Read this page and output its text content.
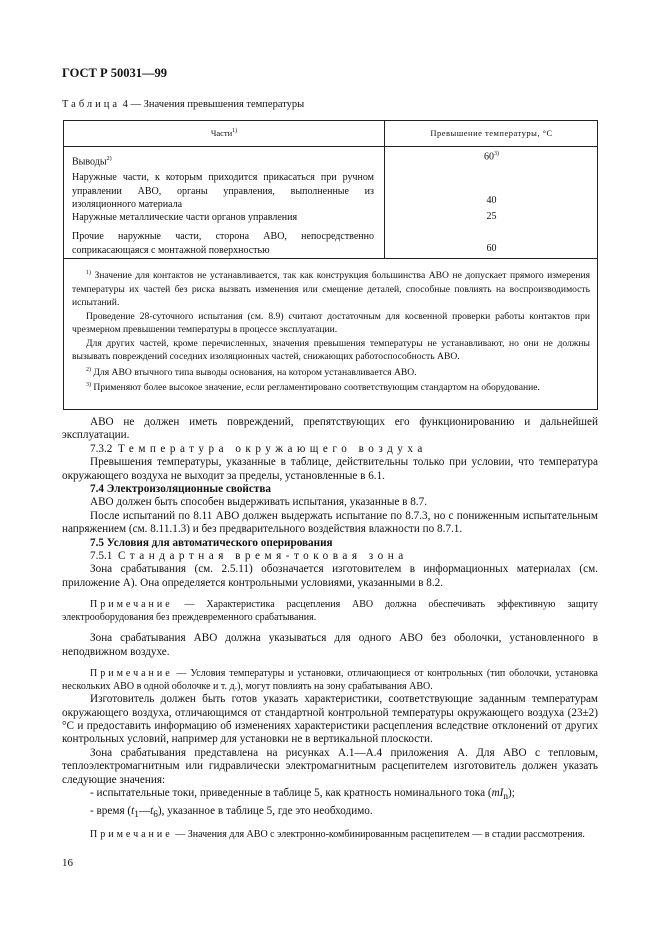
ГОСТ Р 50031—99
Таблица 4 — Значения превышения температуры
Части$^{1)}$	Превышение температуры, °С
Выводы$^{2)}$	60$^{3)}$
Наружные части, к которым приходится прикасаться при ручном управлении АВО, органы управления, выполненные из изоляционного материала	40
Наружные металлические части органов управления	25
Прочие наружные части, сторона АВО, непосредственно соприкасающаяся с монтажной поверхностью	60

$^{1)}$ Значение для контактов не устанавливается, так как конструкция большинства АВО не допускает прямого измерения температуры их частей без риска вызвать изменения или смещение деталей, способные повлиять на воспроизводимость испытаний.

Проведение 28-суточного испытания (см. 8.9) считают достаточным для косвенной проверки работы контактов при чрезмерном превышении температуры в процессе эксплуатации.

Для других частей, кроме перечисленных, значения превышения температуры не устанавливают, но они не должны вызывать повреждений соседних изоляционных частей, снижающих работоспособность АВО.

$^{2)}$ Для АВО втычного типа выводы основания, на котором устанавливается АВО.

$^{3)}$ Применяют более высокое значение, если регламентировано соответствующим стандартом на оборудование.

АВО не должен иметь повреждений, препятствующих его функционированию и дальнейшей эксплуатации.

7.3.2 Температура окружающего воздуха

Превышения температуры, указанные в таблице, действительны только при условии, что температура окружающего воздуха не выходит за пределы, установленные в 6.1.

7.4 Электроизоляционные свойства

АВО должен быть способен выдерживать испытания, указанные в 8.7.

После испытаний по 8.11 АВО должен выдержать испытание по 8.7.3, но с пониженным испытательным напряжением (см. 8.11.1.3) и без предварительного воздействия влажности по 8.7.1.

7.5 Условия для автоматического оперирования

7.5.1 Стандартная время-токовая зона

Зона срабатывания (см. 2.5.11) обозначается изготовителем в информационных материалах (см. приложение А). Она определяется контрольными условиями, указанными в 8.2.

Примечание — Характеристика расцепления АВО должна обеспечивать эффективную защиту электрооборудования без преждевременного срабатывания.

Зона срабатывания АВО должна указываться для одного АВО без оболочки, установленного в неподвижном воздухе.

Примечание — Условия температуры и установки, отличающиеся от контрольных (тип оболочки, установка нескольких АВО в одной оболочке и т. д.), могут повлиять на зону срабатывания АВО.

Изготовитель должен быть готов указать характеристики, соответствующие заданным температурам окружающего воздуха, отличающимся от стандартной контрольной температуры окружающего воздуха (23±2) °С и предоставить информацию об изменениях характеристики расцепления вследствие отклонений от других контрольных условий, например для установки не в вертикальной плоскости.

Зона срабатывания представлена на рисунках А.1—А.4 приложения А. Для АВО с тепловым, теплоэлектромагнитным или гидравлически электромагнитным расцепителем изготовитель должен указать следующие значения:

- испытательные токи, приведенные в таблице 5, как кратность номинального тока $(mI_n)$;

- время $(t_1—t_6)$, указанное в таблице 5, где это необходимо.

Примечание — Значения для АВО с электронно-комбинированным расцепителем — в стадии рассмотрения.

16
